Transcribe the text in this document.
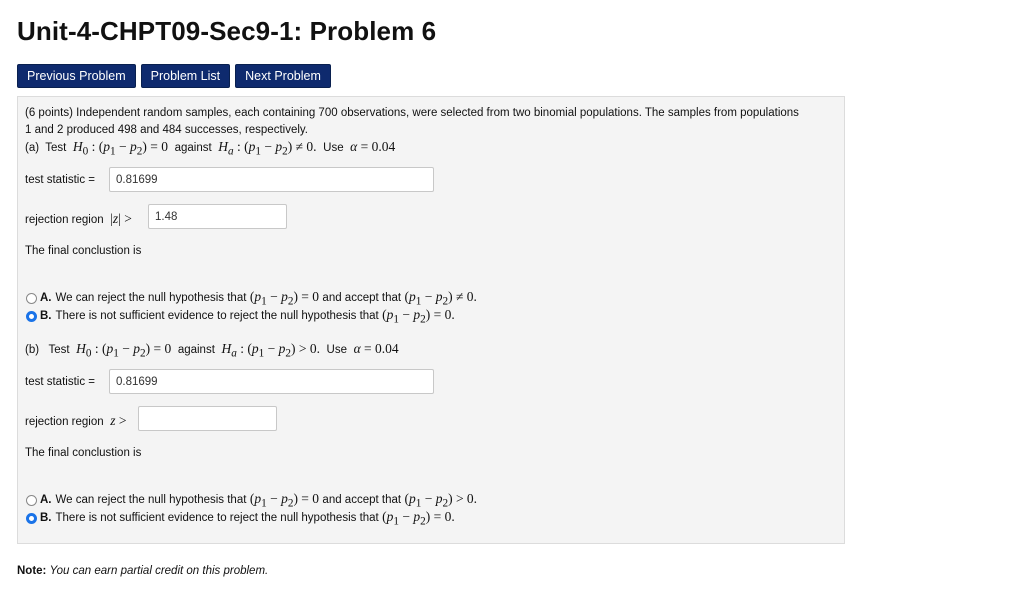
Unit-4-CHPT09-Sec9-1: Problem 6
Previous Problem	Problem List	Next Problem
(6 points) Independent random samples, each containing 700 observations, were selected from two binomial populations. The samples from populations
1 and 2 produced 498 and 484 successes, respectively.
(a) Test $H_0$ : $(p_1 - p_2) = 0$  against $H_a$ : $(p_1 - p_2) \ne 0$.  Use α = 0.04
test statistic =
0.81699
rejection region  |z| >
1.48
The final conclustion is
A. We can reject the null hypothesis that $(p_1 - p_2) = 0$ and accept that $(p_1 - p_2) \ne 0$.
B. There is not sufficient evidence to reject the null hypothesis that $(p_1 - p_2) = 0$.
(b) Test $H_0$ : $(p_1 - p_2) = 0$  against $H_a$ : $(p_1 - p_2) > 0$.  Use α = 0.04
test statistic =
0.81699
rejection region z >
The final conclustion is
A. We can reject the null hypothesis that $(p_1 - p_2) = 0$ and accept that $(p_1 - p_2) > 0$.
B. There is not sufficient evidence to reject the null hypothesis that $(p_1 - p_2) = 0$.
Note: You can earn partial credit on this problem.
